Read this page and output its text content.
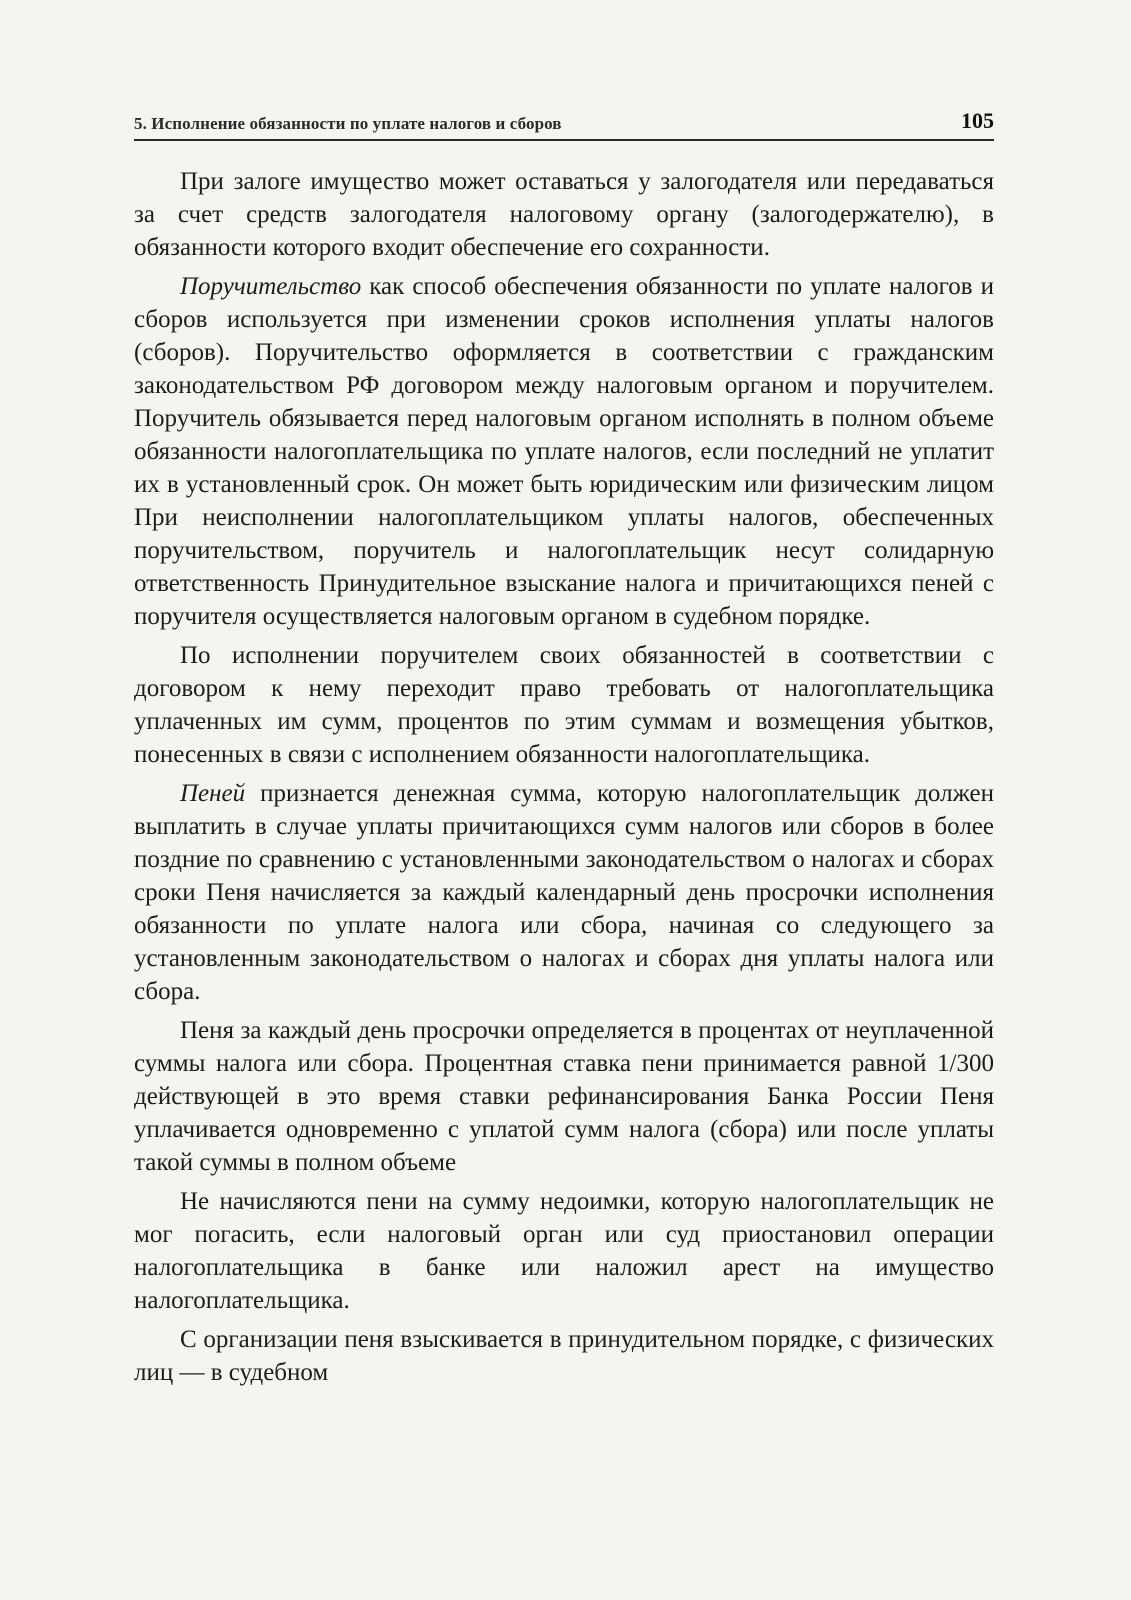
5. Исполнение обязанности по уплате налогов и сборов	105

При залоге имущество может оставаться у залогодателя или передаваться за счет средств залогодателя налоговому органу (залогодержателю), в обязанности которого входит обеспечение его сохранности.

Поручительство как способ обеспечения обязанности по уплате налогов и сборов используется при изменении сроков исполнения уплаты налогов (сборов). Поручительство оформляется в соответствии с гражданским законодательством РФ договором между налоговым органом и поручителем. Поручитель обязывается перед налоговым органом исполнять в полном объеме обязанности налогоплательщика по уплате налогов, если последний не уплатит их в установленный срок. Он может быть юридическим или физическим лицом При неисполнении налогоплательщиком уплаты налогов, обеспеченных поручительством, поручитель и налогоплательщик несут солидарную ответственность Принудительное взыскание налога и причитающихся пеней с поручителя осуществляется налоговым органом в судебном порядке.

По исполнении поручителем своих обязанностей в соответствии с договором к нему переходит право требовать от налогоплательщика уплаченных им сумм, процентов по этим суммам и возмещения убытков, понесенных в связи с исполнением обязанности налогоплательщика.

Пеней признается денежная сумма, которую налогоплательщик должен выплатить в случае уплаты причитающихся сумм налогов или сборов в более поздние по сравнению с установленными законодательством о налогах и сборах сроки Пеня начисляется за каждый календарный день просрочки исполнения обязанности по уплате налога или сбора, начиная со следующего за установленным законодательством о налогах и сборах дня уплаты налога или сбора.

Пеня за каждый день просрочки определяется в процентах от неуплаченной суммы налога или сбора. Процентная ставка пени принимается равной 1/300 действующей в это время ставки рефинансирования Банка России Пеня уплачивается одновременно с уплатой сумм налога (сбора) или после уплаты такой суммы в полном объеме

Не начисляются пени на сумму недоимки, которую налогоплательщик не мог погасить, если налоговый орган или суд приостановил операции налогоплательщика в банке или наложил арест на имущество налогоплательщика.

С организации пеня взыскивается в принудительном порядке, с физических лиц — в судебном
